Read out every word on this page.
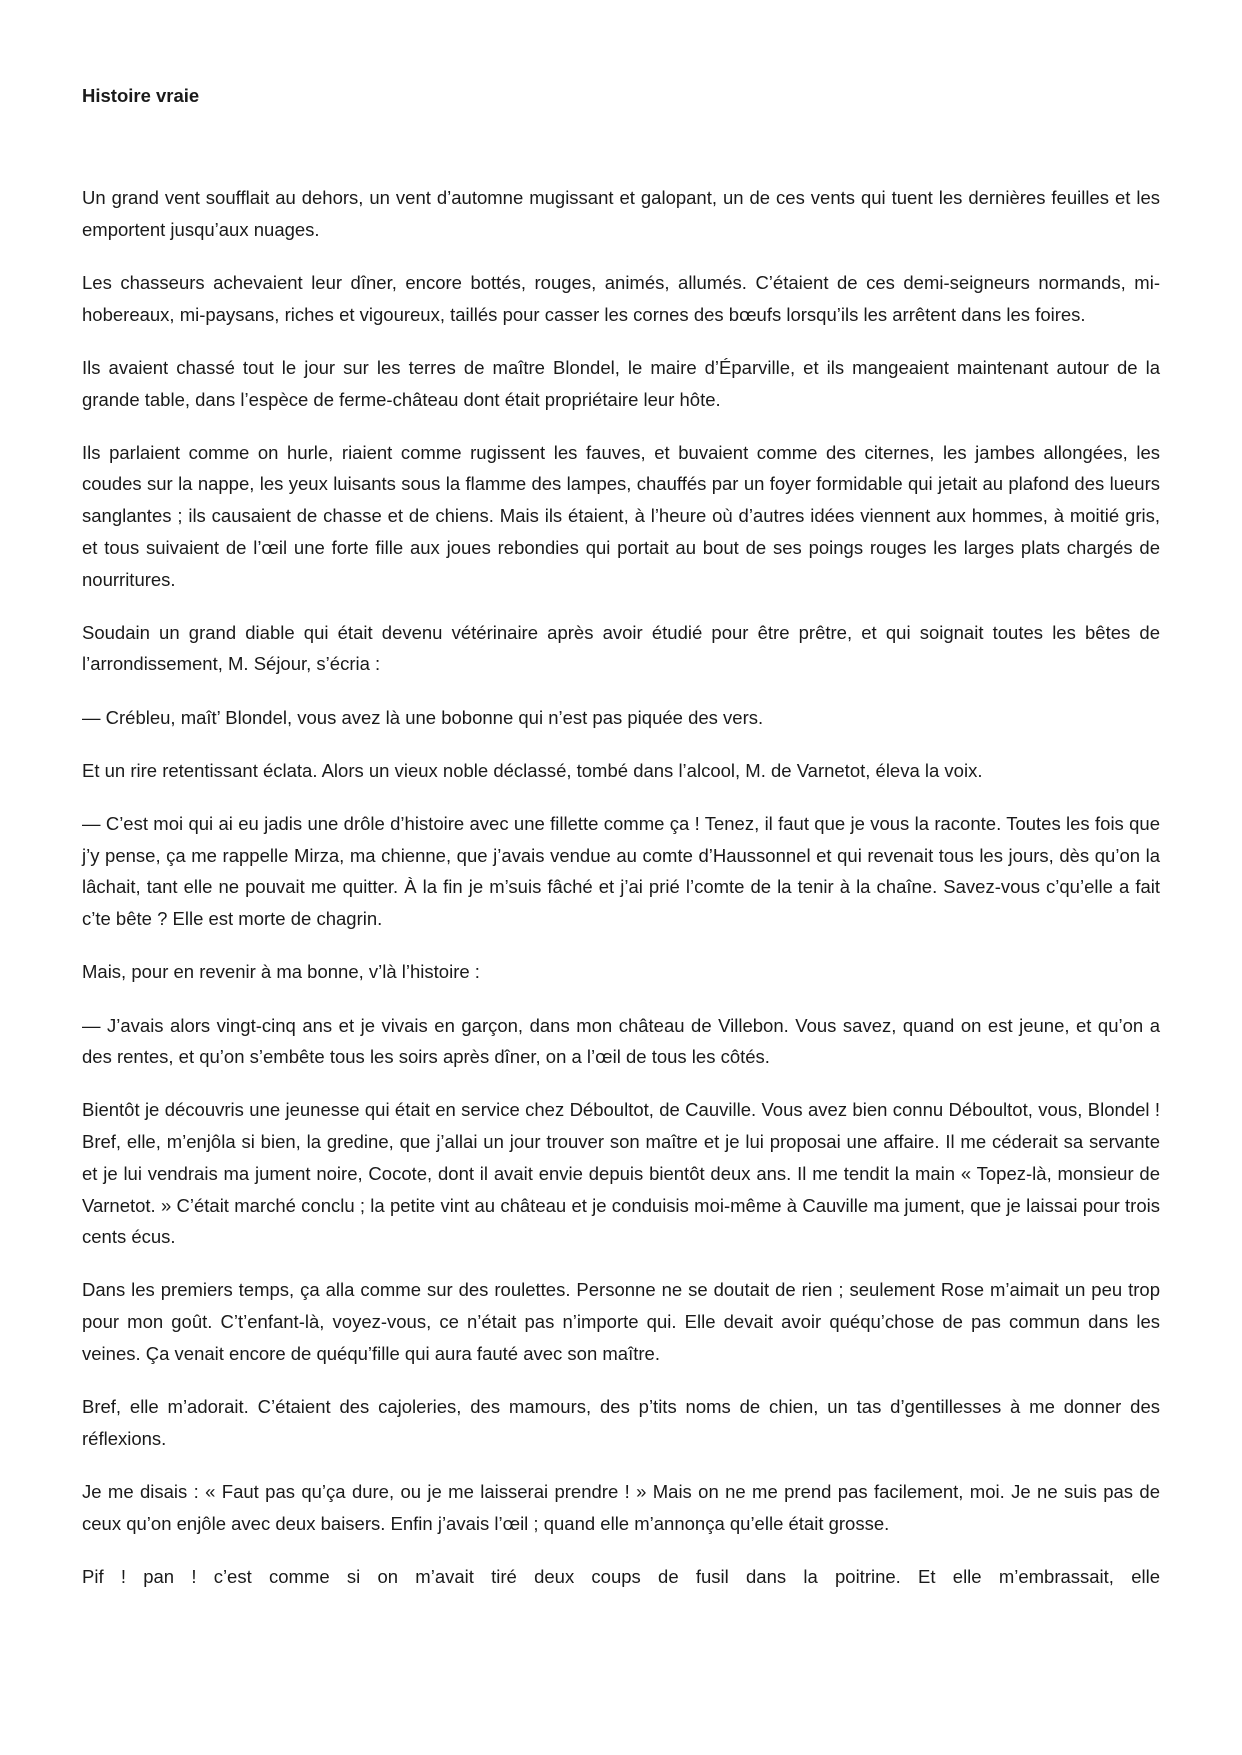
Histoire vraie

Un grand vent soufflait au dehors, un vent d’automne mugissant et galopant, un de ces vents qui tuent les dernières feuilles et les emportent jusqu’aux nuages.

Les chasseurs achevaient leur dîner, encore bottés, rouges, animés, allumés. C’étaient de ces demi-seigneurs normands, mi-hobereaux, mi-paysans, riches et vigoureux, taillés pour casser les cornes des bœufs lorsqu’ils les arrêtent dans les foires.

Ils avaient chassé tout le jour sur les terres de maître Blondel, le maire d’Éparville, et ils mangeaient maintenant autour de la grande table, dans l’espèce de ferme-château dont était propriétaire leur hôte.

Ils parlaient comme on hurle, riaient comme rugissent les fauves, et buvaient comme des citernes, les jambes allongées, les coudes sur la nappe, les yeux luisants sous la flamme des lampes, chauffés par un foyer formidable qui jetait au plafond des lueurs sanglantes ; ils causaient de chasse et de chiens. Mais ils étaient, à l’heure où d’autres idées viennent aux hommes, à moitié gris, et tous suivaient de l’œil une forte fille aux joues rebondies qui portait au bout de ses poings rouges les larges plats chargés de nourritures.

Soudain un grand diable qui était devenu vétérinaire après avoir étudié pour être prêtre, et qui soignait toutes les bêtes de l’arrondissement, M. Séjour, s’écria :

— Crébleu, maît’ Blondel, vous avez là une bobonne qui n’est pas piquée des vers.

Et un rire retentissant éclata. Alors un vieux noble déclassé, tombé dans l’alcool, M. de Varnetot, éleva la voix.

— C’est moi qui ai eu jadis une drôle d’histoire avec une fillette comme ça ! Tenez, il faut que je vous la raconte. Toutes les fois que j’y pense, ça me rappelle Mirza, ma chienne, que j’avais vendue au comte d’Haussonnel et qui revenait tous les jours, dès qu’on la lâchait, tant elle ne pouvait me quitter. À la fin je m’suis fâché et j’ai prié l’comte de la tenir à la chaîne. Savez-vous c’qu’elle a fait c’te bête ? Elle est morte de chagrin.

Mais, pour en revenir à ma bonne, v’là l’histoire :

— J’avais alors vingt-cinq ans et je vivais en garçon, dans mon château de Villebon. Vous savez, quand on est jeune, et qu’on a des rentes, et qu’on s’embête tous les soirs après dîner, on a l’œil de tous les côtés.

Bientôt je découvris une jeunesse qui était en service chez Déboultot, de Cauville. Vous avez bien connu Déboultot, vous, Blondel ! Bref, elle, m’enjôla si bien, la gredine, que j’allai un jour trouver son maître et je lui proposai une affaire. Il me céderait sa servante et je lui vendrais ma jument noire, Cocote, dont il avait envie depuis bientôt deux ans. Il me tendit la main « Topez-là, monsieur de Varnetot. » C’était marché conclu ; la petite vint au château et je conduisis moi-même à Cauville ma jument, que je laissai pour trois cents écus.

Dans les premiers temps, ça alla comme sur des roulettes. Personne ne se doutait de rien ; seulement Rose m’aimait un peu trop pour mon goût. C’t’enfant-là, voyez-vous, ce n’était pas n’importe qui. Elle devait avoir quéqu’chose de pas commun dans les veines. Ça venait encore de quéqu’fille qui aura fauté avec son maître.

Bref, elle m’adorait. C’étaient des cajoleries, des mamours, des p’tits noms de chien, un tas d’gentillesses à me donner des réflexions.

Je me disais : « Faut pas qu’ça dure, ou je me laisserai prendre ! » Mais on ne me prend pas facilement, moi. Je ne suis pas de ceux qu’on enjôle avec deux baisers. Enfin j’avais l’œil ; quand elle m’annonça qu’elle était grosse.

Pif ! pan ! c’est comme si on m’avait tiré deux coups de fusil dans la poitrine. Et elle m’embrassait, elle
